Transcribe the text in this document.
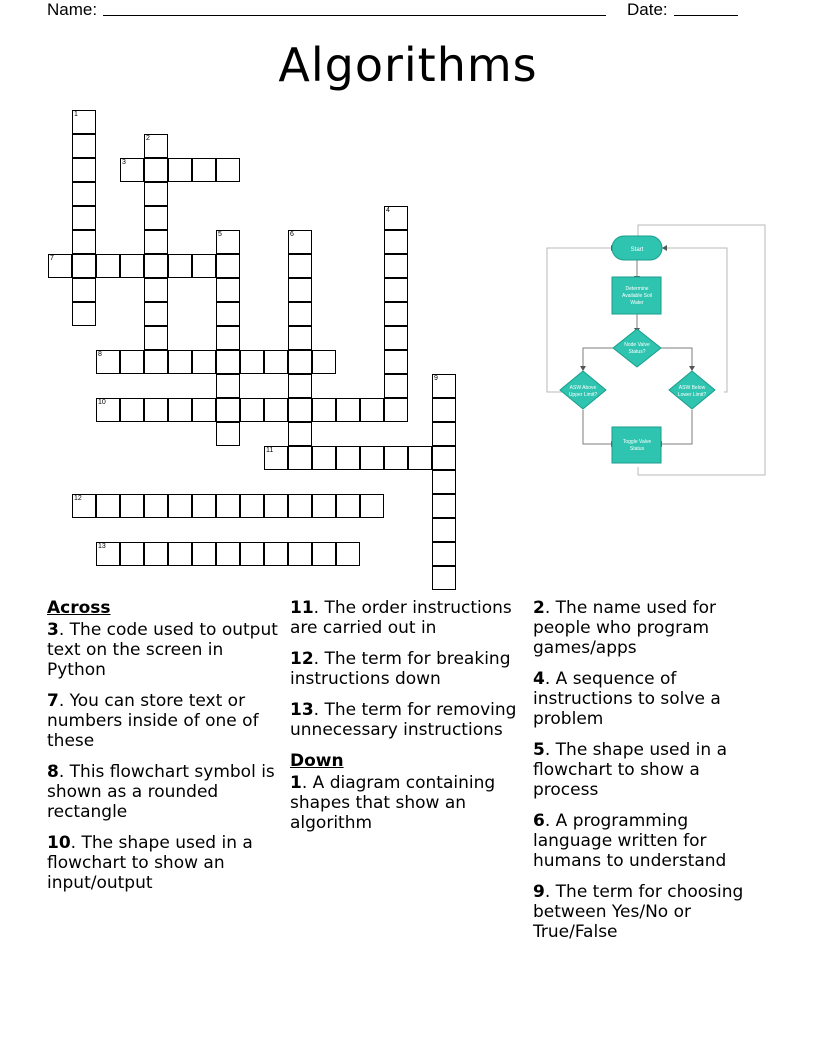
Name:	Date:
Algorithms
1
2
3
4
5	6
7
8
9
10
11
12
13
Start
Determine
Available Soil
Water
Node Valve
Status?
ASW Above
Upper Limit?
ASW Below
Lower Limit?
Toggle Valve
Status
Across
3. The code used to output text on the screen in Python
7. You can store text or numbers inside of one of these
8. This flowchart symbol is shown as a rounded rectangle
10. The shape used in a flowchart to show an input/output
11. The order instructions are carried out in
12. The term for breaking instructions down
13. The term for removing unnecessary instructions
Down
1. A diagram containing shapes that show an algorithm
2. The name used for people who program games/apps
4. A sequence of instructions to solve a problem
5. The shape used in a flowchart to show a process
6. A programming language written for humans to understand
9. The term for choosing between Yes/No or True/False
